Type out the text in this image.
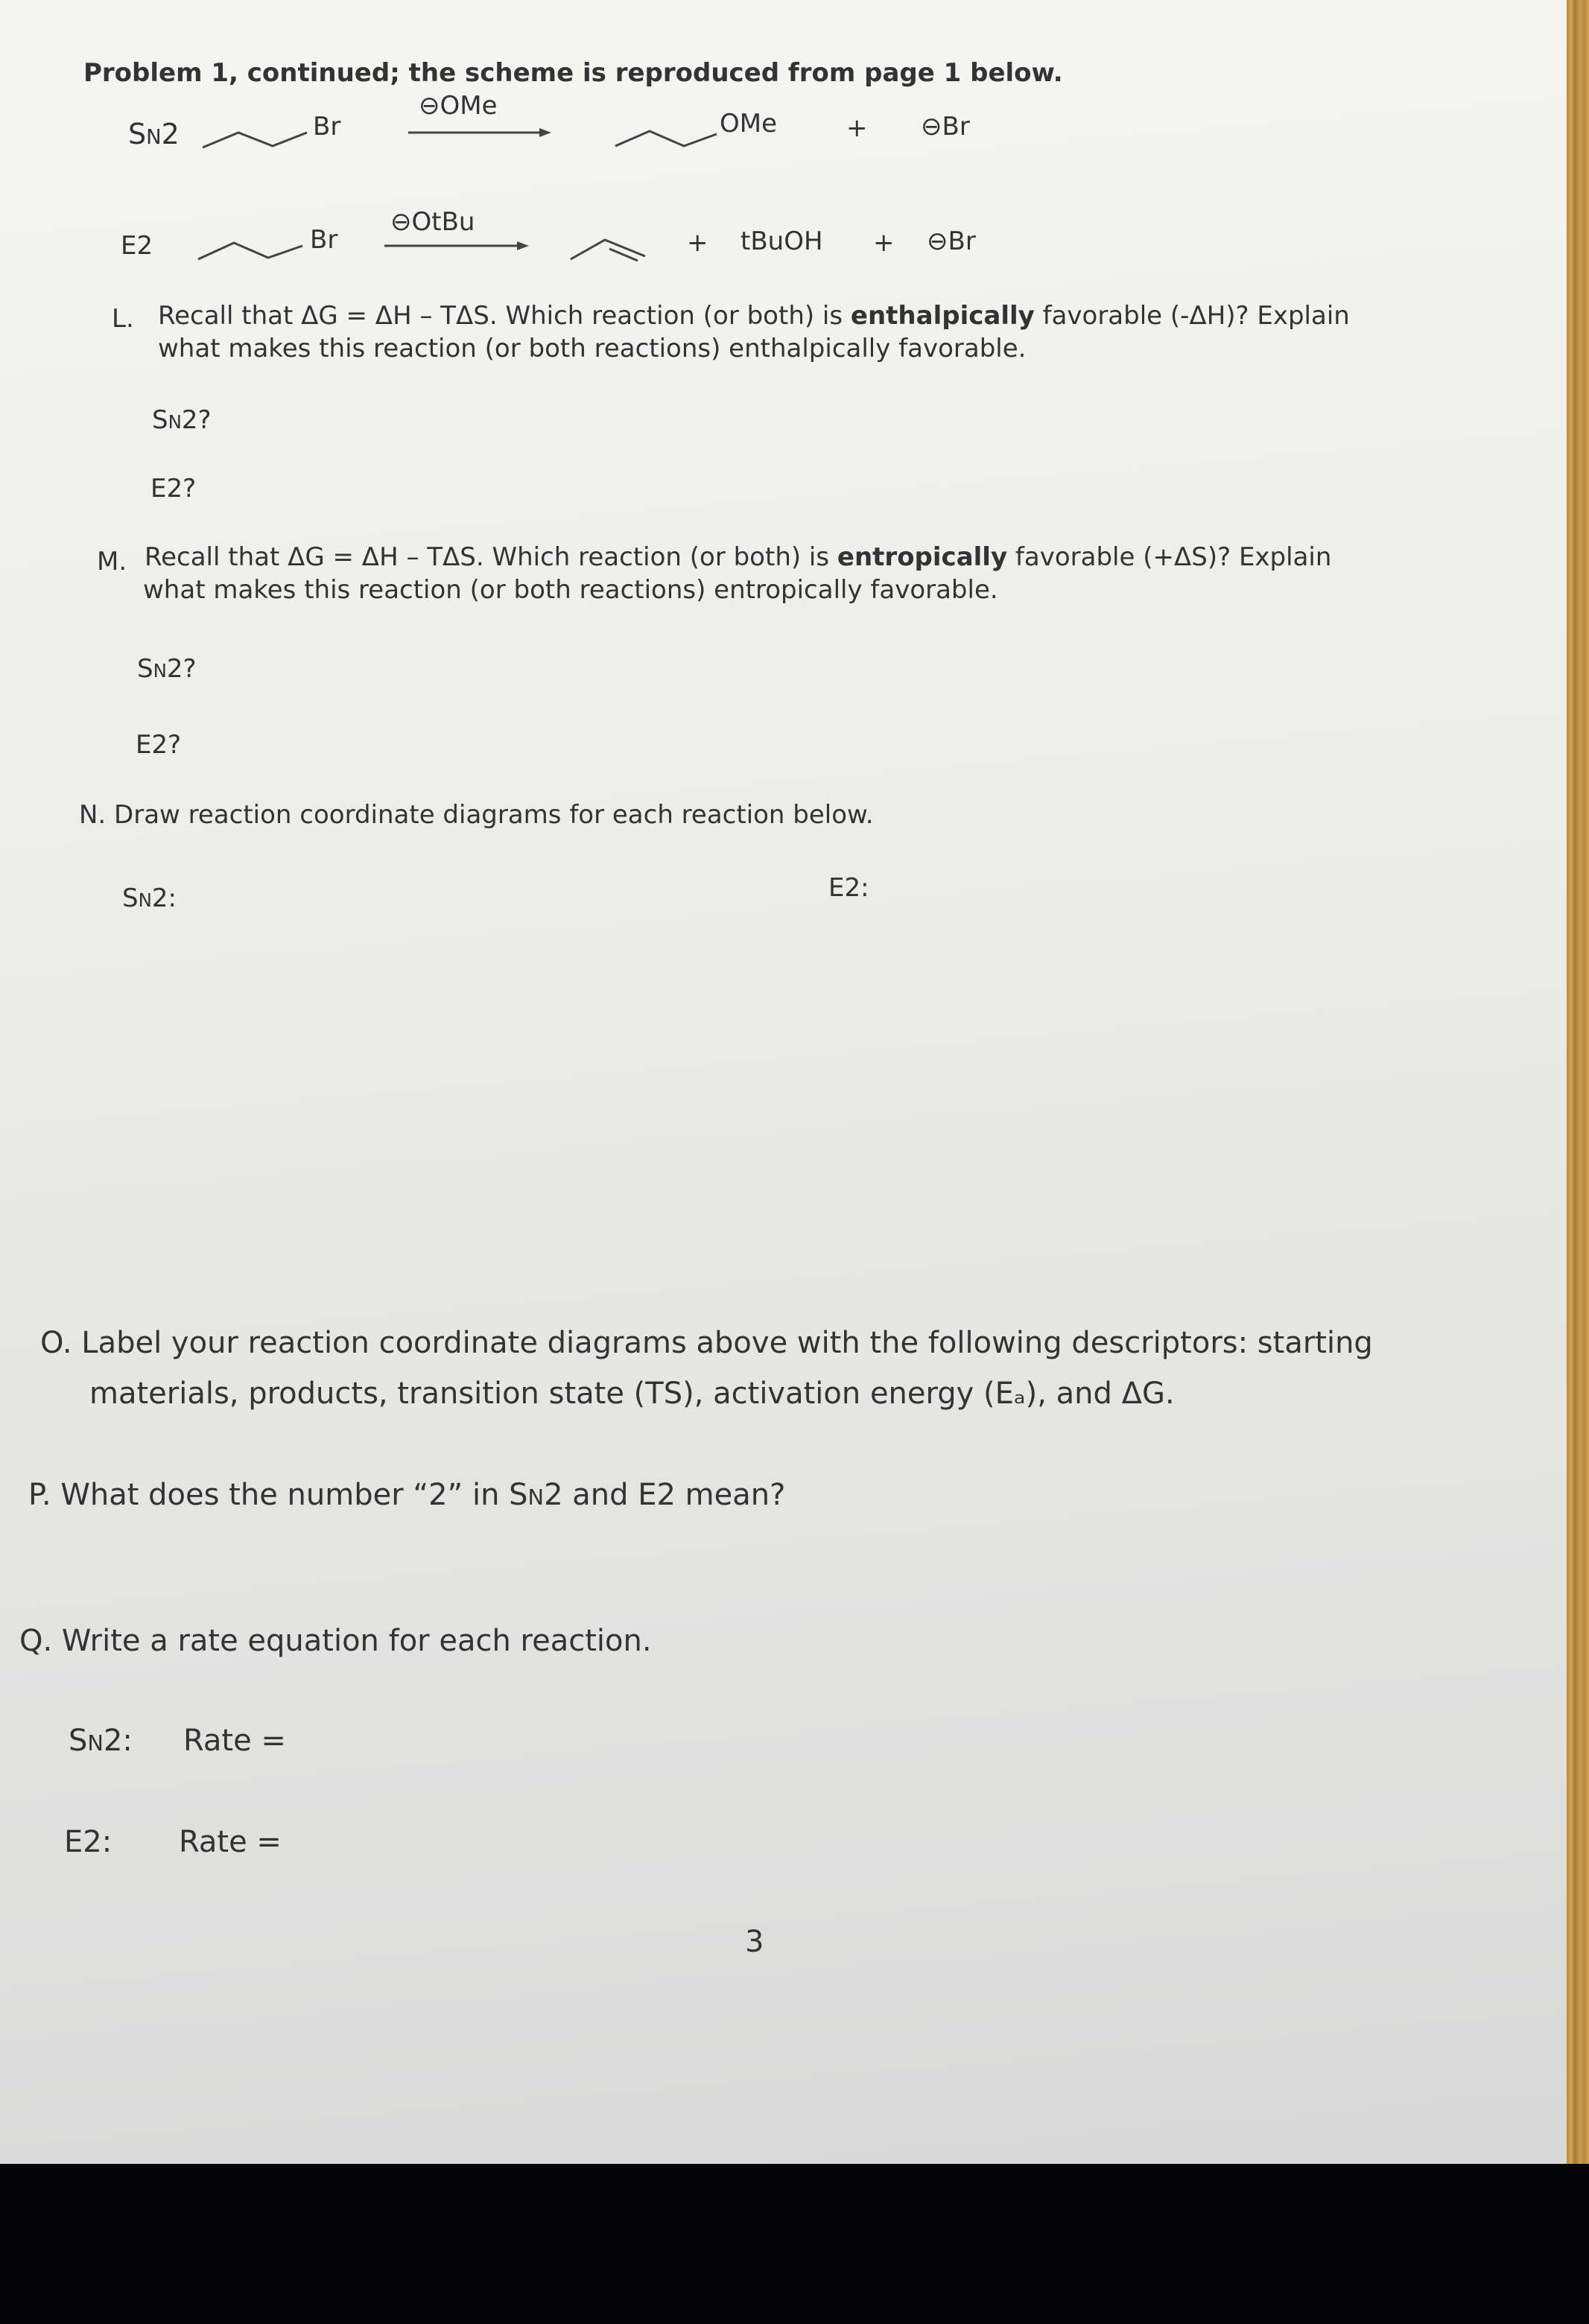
Problem 1, continued; the scheme is reproduced from page 1 below.
SN2	Br
⊖OMe
OMe	+ ⊖Br
E2	Br
⊖OtBu
+ tBuOH + ⊖Br
L. Recall that ΔG = ΔH – TΔS. Which reaction (or both) is enthalpically favorable (-ΔH)? Explain
what makes this reaction (or both reactions) enthalpically favorable.
SN2?
E2?
M. Recall that ΔG = ΔH – TΔS. Which reaction (or both) is entropically favorable (+ΔS)? Explain
what makes this reaction (or both reactions) entropically favorable.
SN2?
E2?
N. Draw reaction coordinate diagrams for each reaction below.
SN2:	E2:
O. Label your reaction coordinate diagrams above with the following descriptors: starting
materials, products, transition state (TS), activation energy (Eₐ), and ΔG.
P. What does the number “2” in SN2 and E2 mean?
Q. Write a rate equation for each reaction.
SN2: Rate =
E2: Rate =
3
